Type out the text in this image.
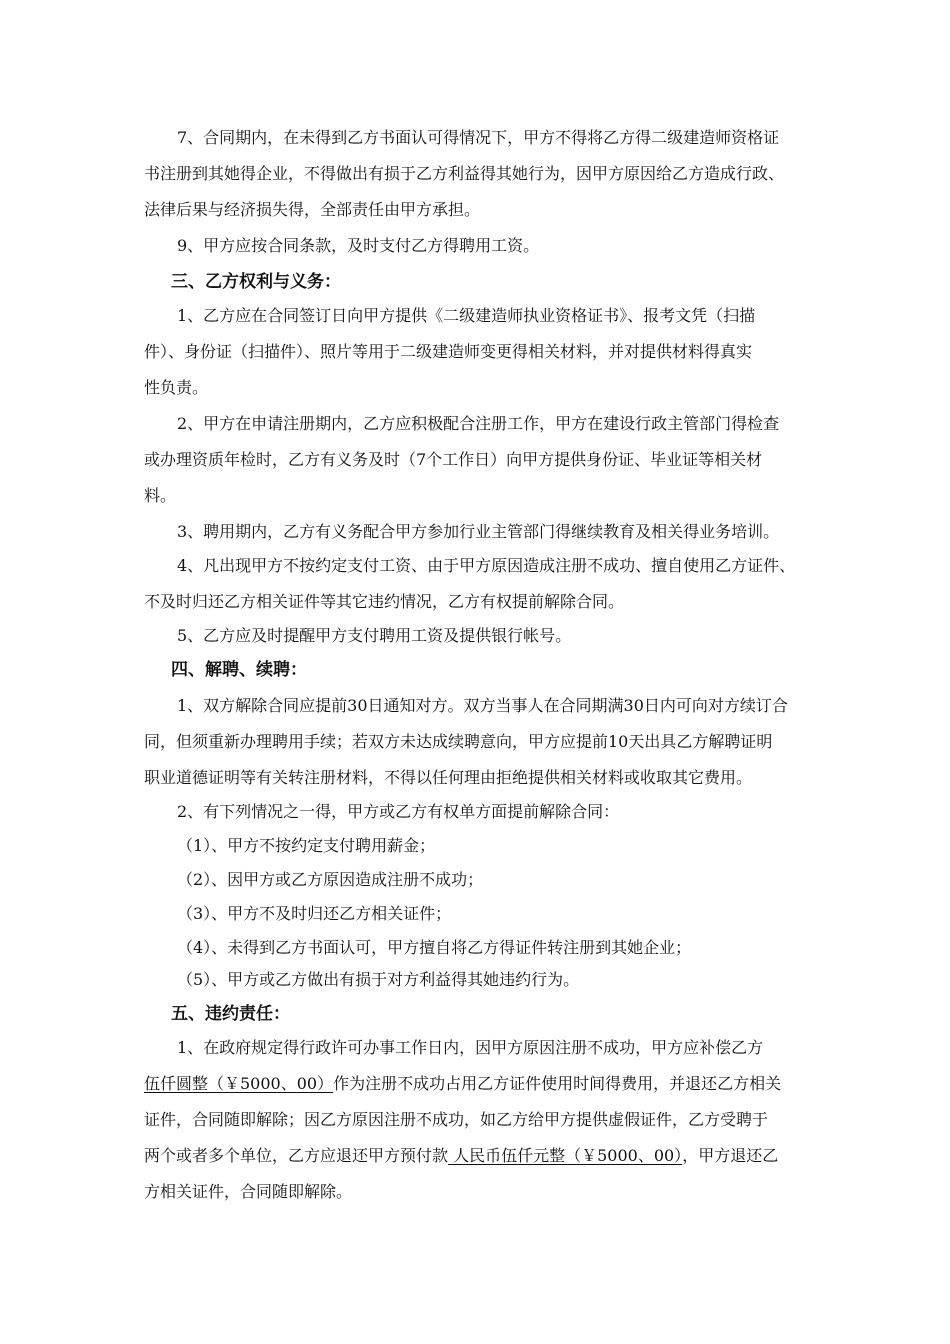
7、合同期内，在未得到乙方书面认可得情况下，甲方不得将乙方得二级建造师资格证
书注册到其她得企业，不得做出有损于乙方利益得其她行为，因甲方原因给乙方造成行政、
法律后果与经济损失得，全部责任由甲方承担。
9、甲方应按合同条款，及时支付乙方得聘用工资。
三、乙方权利与义务：
1、乙方应在合同签订日向甲方提供《二级建造师执业资格证书》、报考文凭（扫描
件）、身份证（扫描件）、照片等用于二级建造师变更得相关材料，并对提供材料得真实
性负责。
2、甲方在申请注册期内，乙方应积极配合注册工作，甲方在建设行政主管部门得检查
或办理资质年检时，乙方有义务及时（7个工作日）向甲方提供身份证、毕业证等相关材
料。
3、聘用期内，乙方有义务配合甲方参加行业主管部门得继续教育及相关得业务培训。
4、凡出现甲方不按约定支付工资、由于甲方原因造成注册不成功、擅自使用乙方证件、
不及时归还乙方相关证件等其它违约情况，乙方有权提前解除合同。
5、乙方应及时提醒甲方支付聘用工资及提供银行帐号。
四、解聘、续聘：
1、双方解除合同应提前30日通知对方。双方当事人在合同期满30日内可向对方续订合
同，但须重新办理聘用手续；若双方未达成续聘意向，甲方应提前10天出具乙方解聘证明
职业道德证明等有关转注册材料，不得以任何理由拒绝提供相关材料或收取其它费用。
2、有下列情况之一得，甲方或乙方有权单方面提前解除合同：
（1）、甲方不按约定支付聘用薪金；
（2）、因甲方或乙方原因造成注册不成功；
（3）、甲方不及时归还乙方相关证件；
（4）、未得到乙方书面认可，甲方擅自将乙方得证件转注册到其她企业；
（5）、甲方或乙方做出有损于对方利益得其她违约行为。
五、违约责任：
1、在政府规定得行政许可办事工作日内，因甲方原因注册不成功，甲方应补偿乙方
伍仟圆整（￥5000、00）作为注册不成功占用乙方证件使用时间得费用，并退还乙方相关
证件，合同随即解除；因乙方原因注册不成功，如乙方给甲方提供虚假证件，乙方受聘于
两个或者多个单位，乙方应退还甲方预付款 人民币伍仟元整（￥5000、00），甲方退还乙
方相关证件，合同随即解除。
